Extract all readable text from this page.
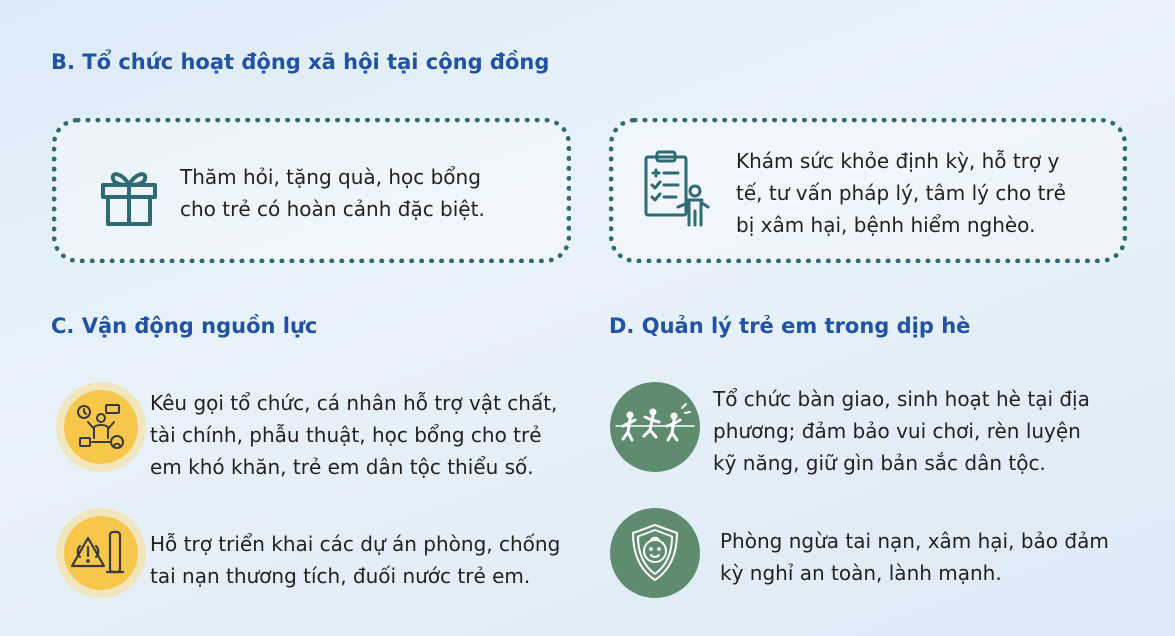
B. Tổ chức hoạt động xã hội tại cộng đồng

Thăm hỏi, tặng quà, học bổng
cho trẻ có hoàn cảnh đặc biệt.

Khám sức khỏe định kỳ, hỗ trợ y
tế, tư vấn pháp lý, tâm lý cho trẻ
bị xâm hại, bệnh hiểm nghèo.

C. Vận động nguồn lực

Kêu gọi tổ chức, cá nhân hỗ trợ vật chất,
tài chính, phẫu thuật, học bổng cho trẻ
em khó khăn, trẻ em dân tộc thiểu số.

Hỗ trợ triển khai các dự án phòng, chống
tai nạn thương tích, đuối nước trẻ em.

D. Quản lý trẻ em trong dịp hè

Tổ chức bàn giao, sinh hoạt hè tại địa
phương; đảm bảo vui chơi, rèn luyện
kỹ năng, giữ gìn bản sắc dân tộc.

Phòng ngừa tai nạn, xâm hại, bảo đảm
kỳ nghỉ an toàn, lành mạnh.
